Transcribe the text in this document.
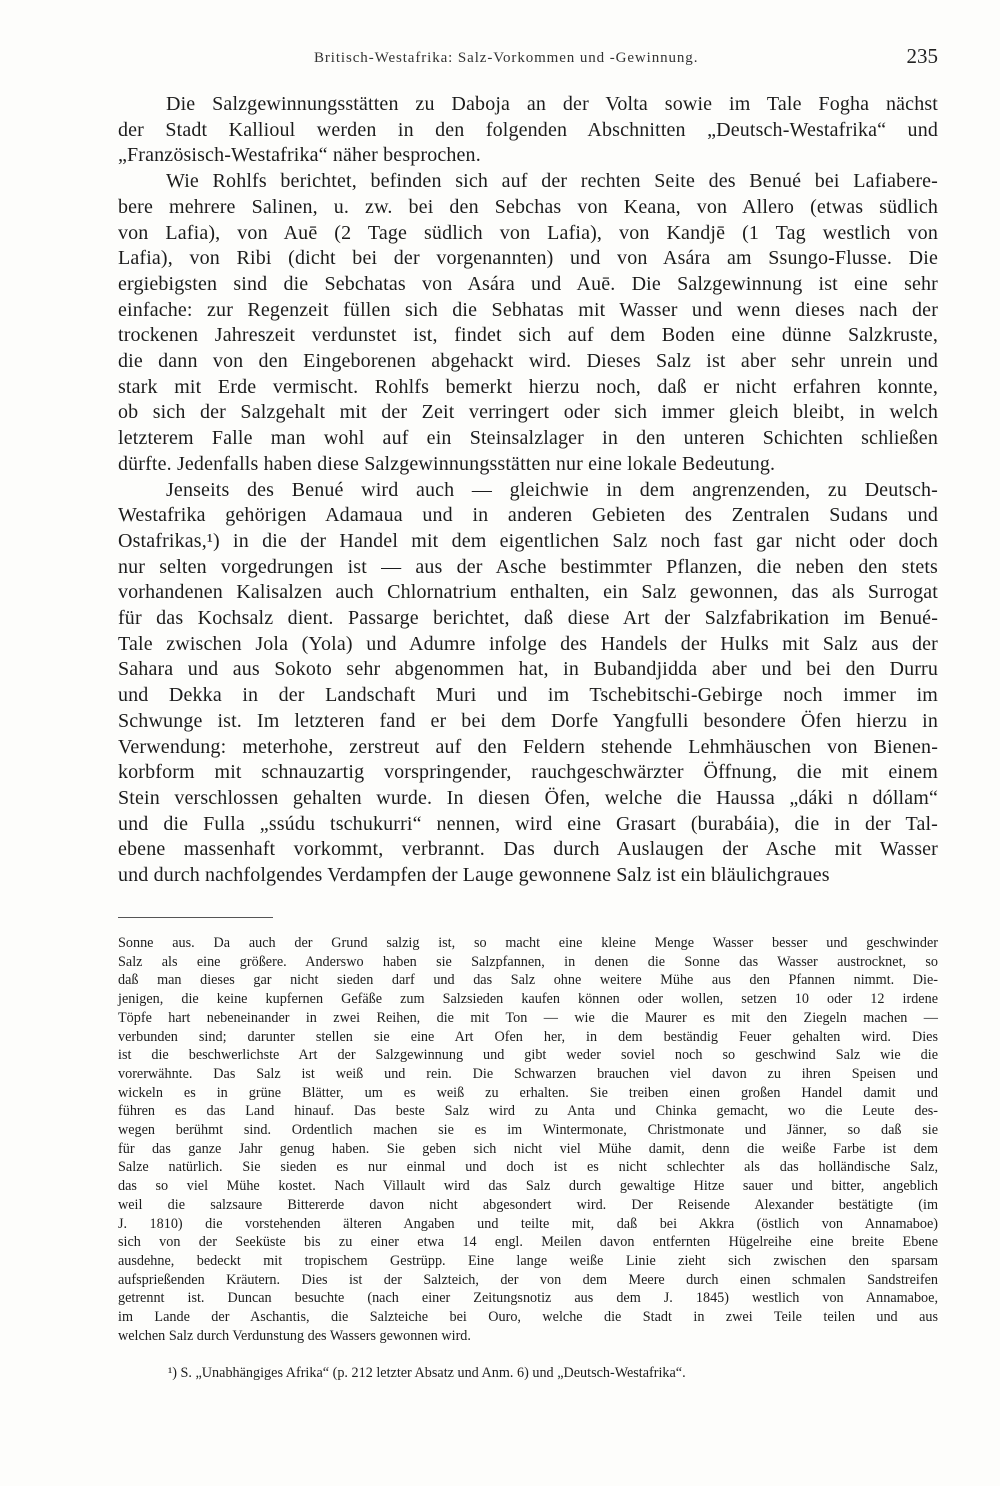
Britisch-Westafrika: Salz-Vorkommen und -Gewinnung.	235
Die Salzgewinnungsstätten zu Daboja an der Volta sowie im Tale Fogha nächst
der Stadt Kallioul werden in den folgenden Abschnitten „Deutsch-Westafrika“ und
„Französisch-Westafrika“ näher besprochen.
Wie Rohlfs berichtet, befinden sich auf der rechten Seite des Benué bei Lafiabere-
bere mehrere Salinen, u. zw. bei den Sebchas von Keana, von Allero (etwas südlich
von Lafia), von Auē (2 Tage südlich von Lafia), von Kandjē (1 Tag westlich von
Lafia), von Ribi (dicht bei der vorgenannten) und von Asára am Ssungo-Flusse. Die
ergiebigsten sind die Sebchatas von Asára und Auē. Die Salzgewinnung ist eine sehr
einfache: zur Regenzeit füllen sich die Sebhatas mit Wasser und wenn dieses nach der
trockenen Jahreszeit verdunstet ist, findet sich auf dem Boden eine dünne Salzkruste,
die dann von den Eingeborenen abgehackt wird. Dieses Salz ist aber sehr unrein und
stark mit Erde vermischt. Rohlfs bemerkt hierzu noch, daß er nicht erfahren konnte,
ob sich der Salzgehalt mit der Zeit verringert oder sich immer gleich bleibt, in welch
letzterem Falle man wohl auf ein Steinsalzlager in den unteren Schichten schließen
dürfte. Jedenfalls haben diese Salzgewinnungsstätten nur eine lokale Bedeutung.
Jenseits des Benué wird auch — gleichwie in dem angrenzenden, zu Deutsch-
Westafrika gehörigen Adamaua und in anderen Gebieten des Zentralen Sudans und
Ostafrikas,¹) in die der Handel mit dem eigentlichen Salz noch fast gar nicht oder doch
nur selten vorgedrungen ist — aus der Asche bestimmter Pflanzen, die neben den stets
vorhandenen Kalisalzen auch Chlornatrium enthalten, ein Salz gewonnen, das als Surrogat
für das Kochsalz dient. Passarge berichtet, daß diese Art der Salzfabrikation im Benué-
Tale zwischen Jola (Yola) und Adumre infolge des Handels der Hulks mit Salz aus der
Sahara und aus Sokoto sehr abgenommen hat, in Bubandjidda aber und bei den Durru
und Dekka in der Landschaft Muri und im Tschebitschi-Gebirge noch immer im
Schwunge ist. Im letzteren fand er bei dem Dorfe Yangfulli besondere Öfen hierzu in
Verwendung: meterhohe, zerstreut auf den Feldern stehende Lehmhäuschen von Bienen-
korbform mit schnauzartig vorspringender, rauchgeschwärzter Öffnung, die mit einem
Stein verschlossen gehalten wurde. In diesen Öfen, welche die Haussa „dáki n dóllam“
und die Fulla „ssúdu tschukurri“ nennen, wird eine Grasart (burabáia), die in der Tal-
ebene massenhaft vorkommt, verbrannt. Das durch Auslaugen der Asche mit Wasser
und durch nachfolgendes Verdampfen der Lauge gewonnene Salz ist ein bläulichgraues
Sonne aus. Da auch der Grund salzig ist, so macht eine kleine Menge Wasser besser und geschwinder
Salz als eine größere. Anderswo haben sie Salzpfannen, in denen die Sonne das Wasser austrocknet, so
daß man dieses gar nicht sieden darf und das Salz ohne weitere Mühe aus den Pfannen nimmt. Die-
jenigen, die keine kupfernen Gefäße zum Salzsieden kaufen können oder wollen, setzen 10 oder 12 irdene
Töpfe hart nebeneinander in zwei Reihen, die mit Ton — wie die Maurer es mit den Ziegeln machen —
verbunden sind; darunter stellen sie eine Art Ofen her, in dem beständig Feuer gehalten wird. Dies
ist die beschwerlichste Art der Salzgewinnung und gibt weder soviel noch so geschwind Salz wie die
vorerwähnte. Das Salz ist weiß und rein. Die Schwarzen brauchen viel davon zu ihren Speisen und
wickeln es in grüne Blätter, um es weiß zu erhalten. Sie treiben einen großen Handel damit und
führen es das Land hinauf. Das beste Salz wird zu Anta und Chinka gemacht, wo die Leute des-
wegen berühmt sind. Ordentlich machen sie es im Wintermonate, Christmonate und Jänner, so daß sie
für das ganze Jahr genug haben. Sie geben sich nicht viel Mühe damit, denn die weiße Farbe ist dem
Salze natürlich. Sie sieden es nur einmal und doch ist es nicht schlechter als das holländische Salz,
das so viel Mühe kostet. Nach Villault wird das Salz durch gewaltige Hitze sauer und bitter, angeblich
weil die salzsaure Bittererde davon nicht abgesondert wird. Der Reisende Alexander bestätigte (im
J. 1810) die vorstehenden älteren Angaben und teilte mit, daß bei Akkra (östlich von Annamaboe)
sich von der Seeküste bis zu einer etwa 14 engl. Meilen davon entfernten Hügelreihe eine breite Ebene
ausdehne, bedeckt mit tropischem Gestrüpp. Eine lange weiße Linie zieht sich zwischen den sparsam
aufsprießenden Kräutern. Dies ist der Salzteich, der von dem Meere durch einen schmalen Sandstreifen
getrennt ist. Duncan besuchte (nach einer Zeitungsnotiz aus dem J. 1845) westlich von Annamaboe,
im Lande der Aschantis, die Salzteiche bei Ouro, welche die Stadt in zwei Teile teilen und aus
welchen Salz durch Verdunstung des Wassers gewonnen wird.
¹) S. „Unabhängiges Afrika“ (p. 212 letzter Absatz und Anm. 6) und „Deutsch-Westafrika“.
